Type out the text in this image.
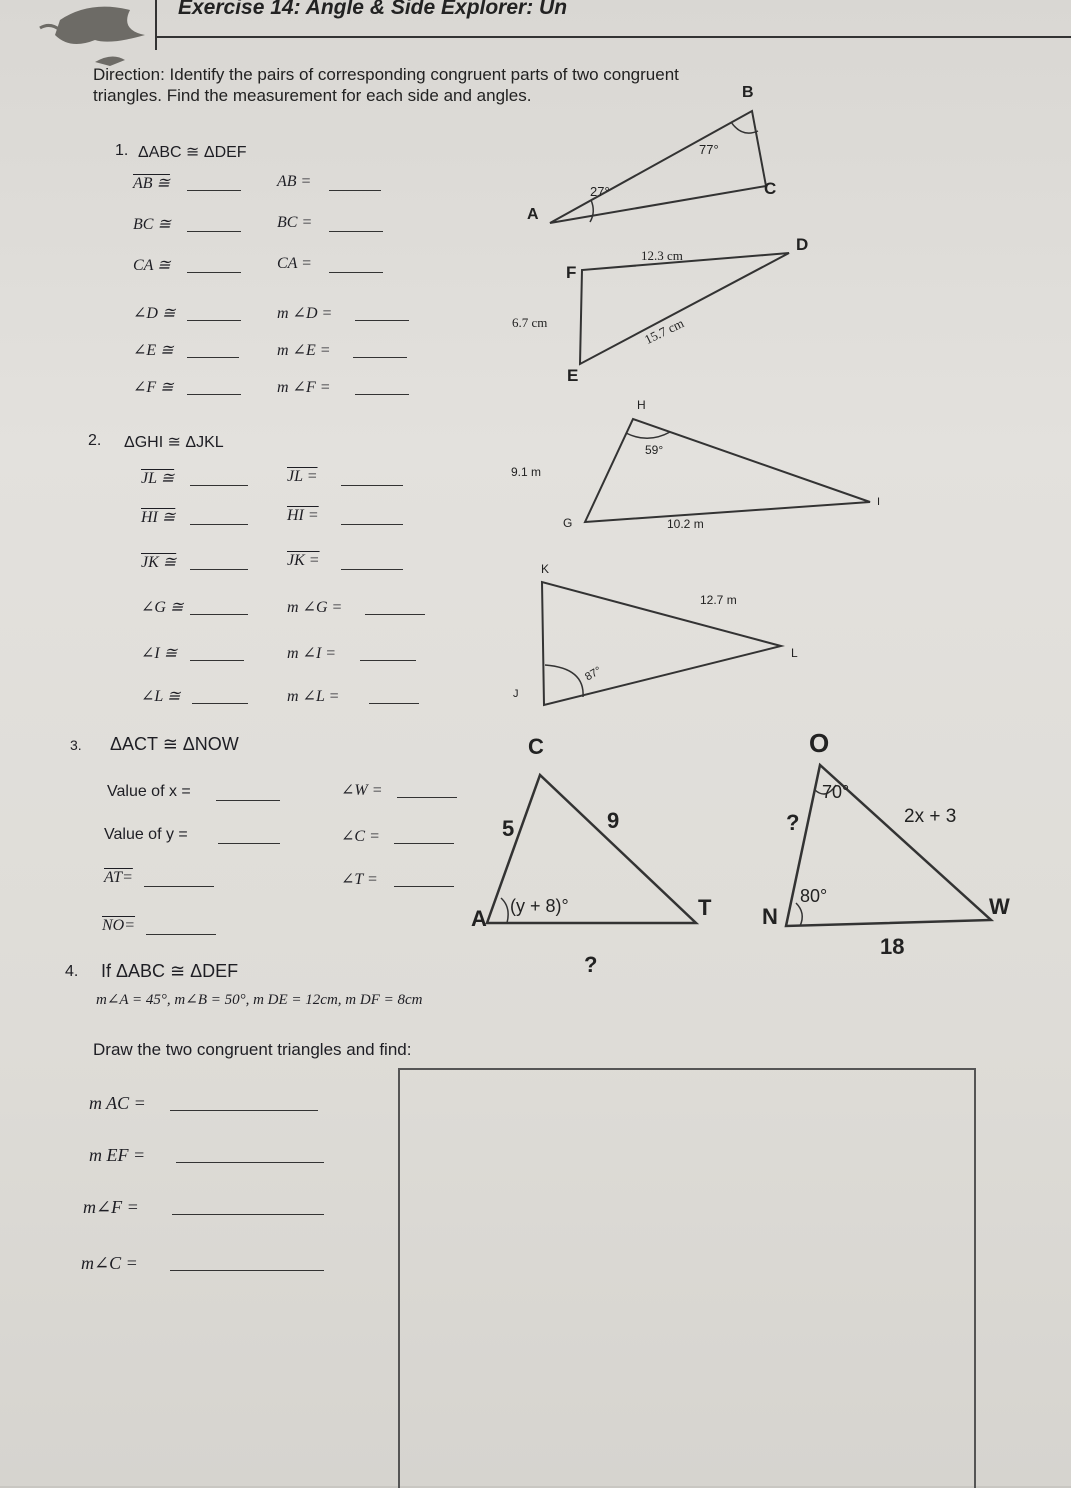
Exercise 14: Angle & Side Explorer: Un
Direction: Identify the pairs of corresponding congruent parts of two congruent
triangles. Find the measurement for each side and angles.
1. ΔABC ≅ ΔDEF
AB ≅	AB =
BC ≅	BC =
CA ≅	CA =
∠D ≅	m ∠D =
∠E ≅	m ∠E =
∠F ≅	m ∠F =
2. ΔGHI ≅ ΔJKL
JL ≅	JL =
HI ≅	HI =
JK ≅	JK =
∠G ≅	m ∠G =
∠I ≅	m ∠I =
∠L ≅	m ∠L =
3. ΔACT ≅ ΔNOW
Value of x =	∠W =
Value of y =	∠C =
AT=	∠T =
NO=
4. If ΔABC ≅ ΔDEF
m∠A = 45°, m∠B = 50°, m DE = 12cm, m DF = 8cm
Draw the two congruent triangles and find:
m AC =
m EF =
m∠F =
m∠C =
B
A
C
77°
27°
D
F
E
12.3 cm
6.7 cm	15.7 cm
H
G
I
59°
9.1 m
10.2 m
K
J
L
12.7 m
87°
C
A	T
5	9
(y + 8)°
?
O
N	W
70°
?	2x + 3
80°
18
